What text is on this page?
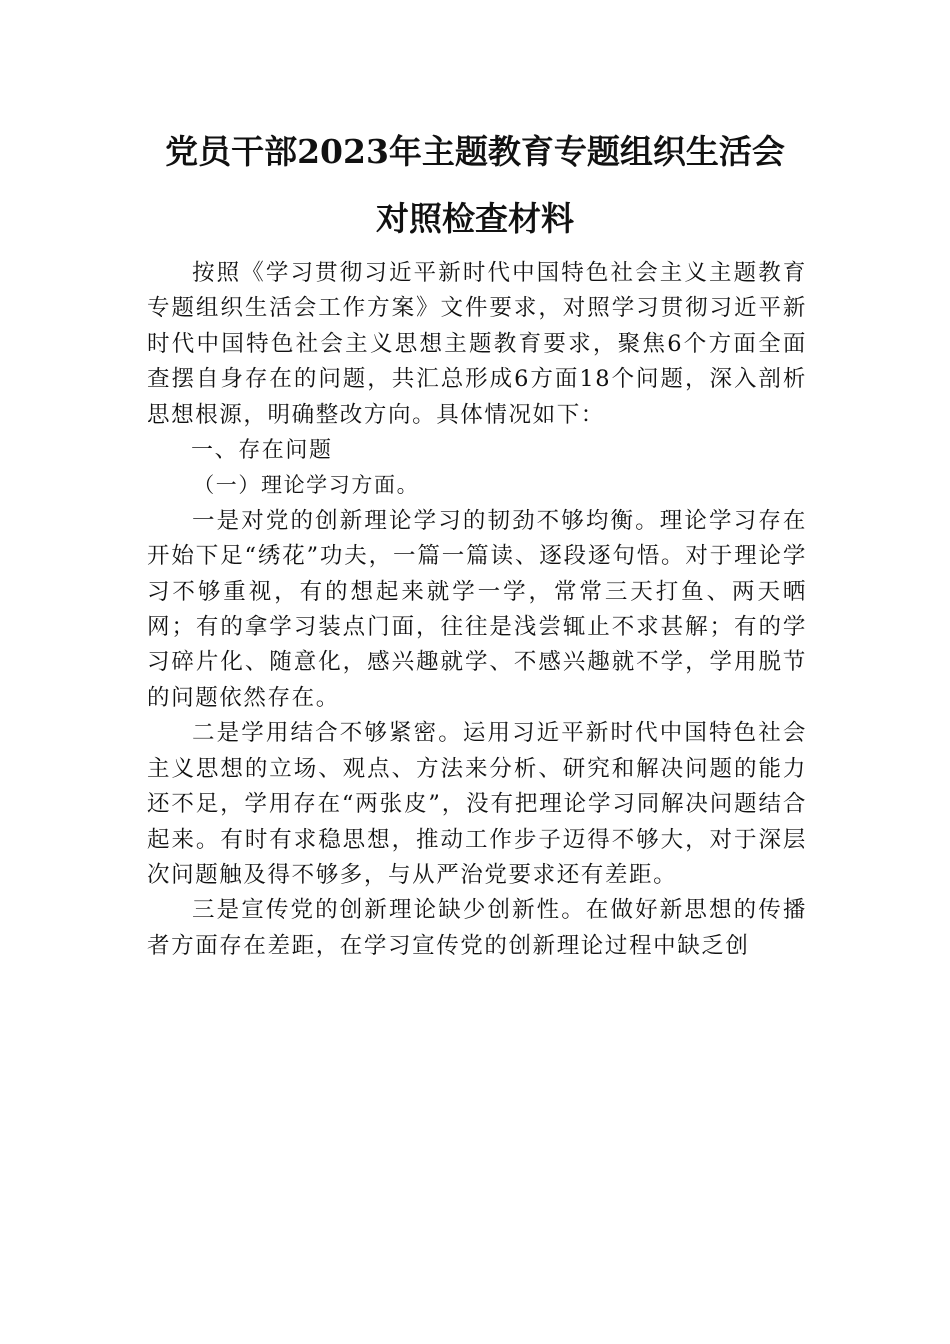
党员干部2023年主题教育专题组织生活会
对照检查材料

按照《学习贯彻习近平新时代中国特色社会主义主题教育专题组织生活会工作方案》文件要求，对照学习贯彻习近平新时代中国特色社会主义思想主题教育要求，聚焦6个方面全面查摆自身存在的问题，共汇总形成6方面18个问题，深入剖析思想根源，明确整改方向。具体情况如下：

一、存在问题

（一）理论学习方面。

一是对党的创新理论学习的韧劲不够均衡。理论学习存在开始下足“绣花”功夫，一篇一篇读、逐段逐句悟。对于理论学习不够重视，有的想起来就学一学，常常三天打鱼、两天晒网；有的拿学习装点门面，往往是浅尝辄止不求甚解；有的学习碎片化、随意化，感兴趣就学、不感兴趣就不学，学用脱节的问题依然存在。

二是学用结合不够紧密。运用习近平新时代中国特色社会主义思想的立场、观点、方法来分析、研究和解决问题的能力还不足，学用存在“两张皮”，没有把理论学习同解决问题结合起来。有时有求稳思想，推动工作步子迈得不够大，对于深层次问题触及得不够多，与从严治党要求还有差距。

三是宣传党的创新理论缺少创新性。在做好新思想的传播者方面存在差距，在学习宣传党的创新理论过程中缺乏创
